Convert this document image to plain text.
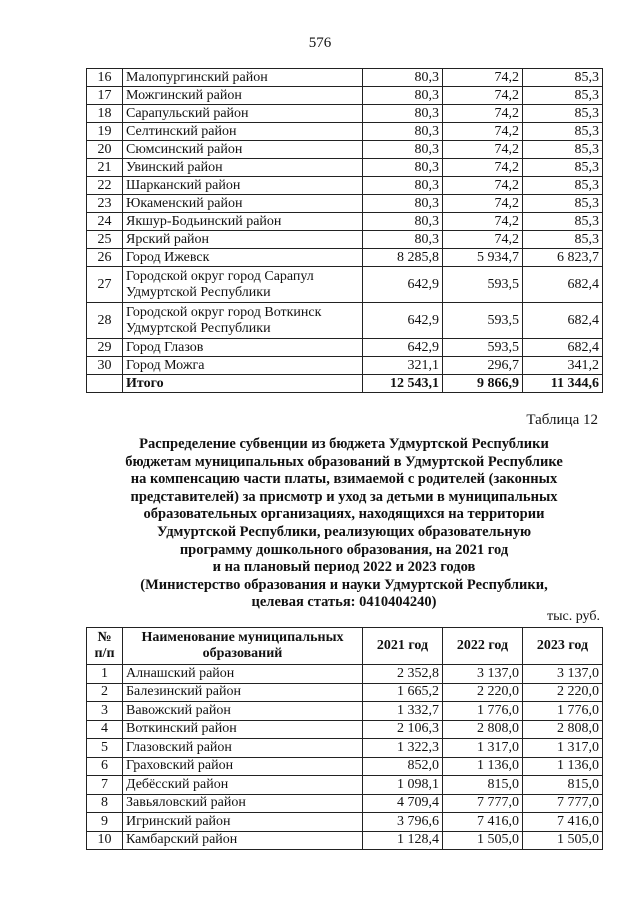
576
16	Малопургинский район	80,3	74,2	85,3
17	Можгинский район	80,3	74,2	85,3
18	Сарапульский район	80,3	74,2	85,3
19	Селтинский район	80,3	74,2	85,3
20	Сюмсинский район	80,3	74,2	85,3
21	Увинский район	80,3	74,2	85,3
22	Шарканский район	80,3	74,2	85,3
23	Юкаменский район	80,3	74,2	85,3
24	Якшур-Бодьинский район	80,3	74,2	85,3
25	Ярский район	80,3	74,2	85,3
26	Город Ижевск	8 285,8	5 934,7	6 823,7
27	Городской округ город Сарапул Удмуртской Республики	642,9	593,5	682,4
28	Городской округ город Воткинск Удмуртской Республики	642,9	593,5	682,4
29	Город Глазов	642,9	593,5	682,4
30	Город Можга	321,1	296,7	341,2
	Итого	12 543,1	9 866,9	11 344,6
Таблица 12
Распределение субвенции из бюджета Удмуртской Республики
бюджетам муниципальных образований в Удмуртской Республике
на компенсацию части платы, взимаемой с родителей (законных
представителей) за присмотр и уход за детьми в муниципальных
образовательных организациях, находящихся на территории
Удмуртской Республики, реализующих образовательную
программу дошкольного образования, на 2021 год
и на плановый период 2022 и 2023 годов
(Министерство образования и науки Удмуртской Республики,
целевая статья: 0410404240)
тыс. руб.
№ п/п	Наименование муниципальных образований	2021 год	2022 год	2023 год
1	Алнашский район	2 352,8	3 137,0	3 137,0
2	Балезинский район	1 665,2	2 220,0	2 220,0
3	Вавожский район	1 332,7	1 776,0	1 776,0
4	Воткинский район	2 106,3	2 808,0	2 808,0
5	Глазовский район	1 322,3	1 317,0	1 317,0
6	Граховский район	852,0	1 136,0	1 136,0
7	Дебёсский район	1 098,1	815,0	815,0
8	Завьяловский район	4 709,4	7 777,0	7 777,0
9	Игринский район	3 796,6	7 416,0	7 416,0
10	Камбарский район	1 128,4	1 505,0	1 505,0
